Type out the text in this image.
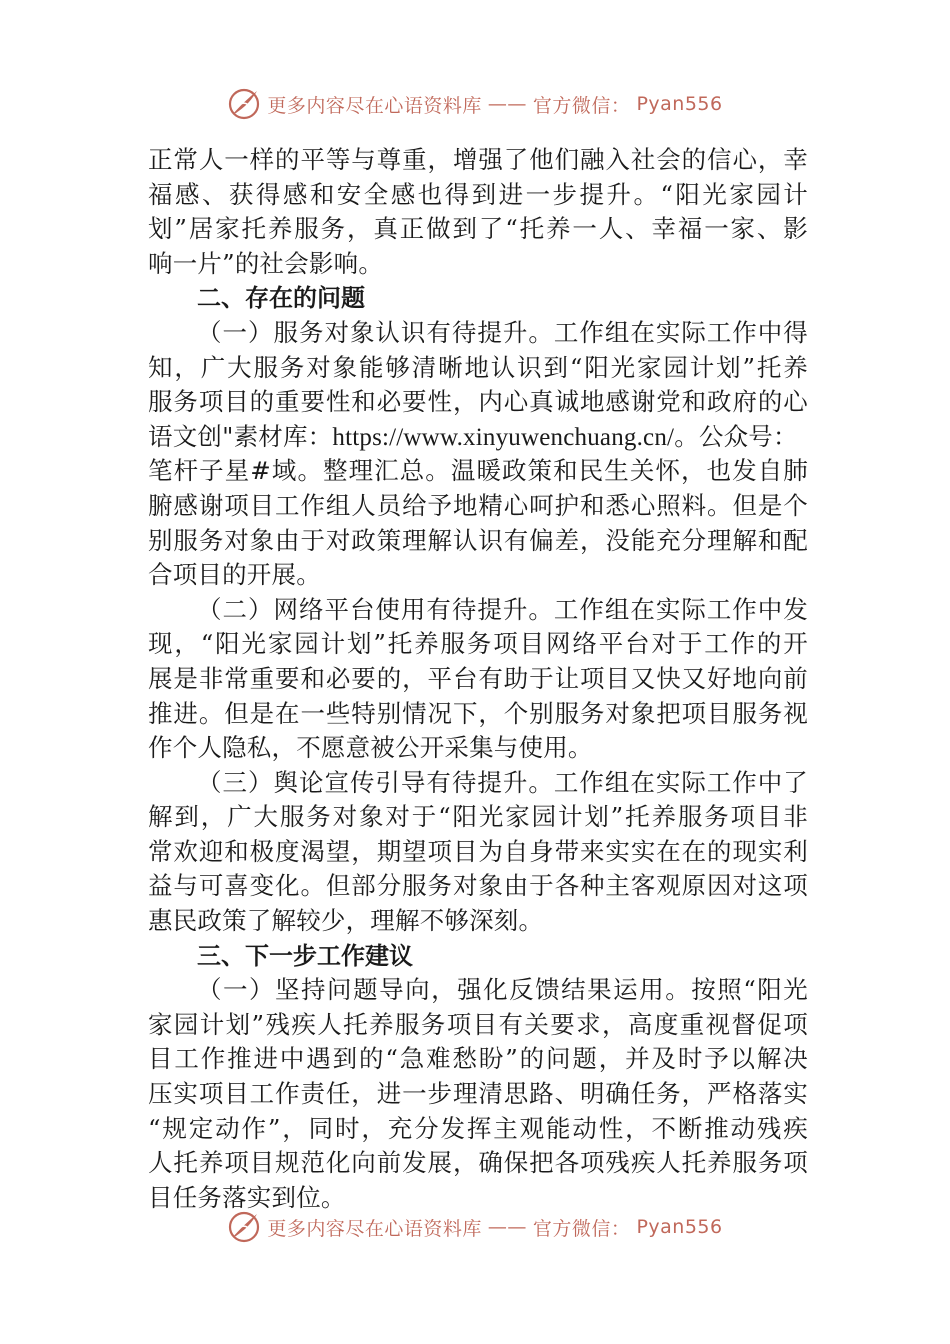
更多内容尽在心语资料库 —— 官方微信： Pyan556
正常人一样的平等与尊重，增强了他们融入社会的信心，幸
福感、获得感和安全感也得到进一步提升。“阳光家园计
划”居家托养服务，真正做到了“托养一人、幸福一家、影
响一片”的社会影响。
二、存在的问题
（一）服务对象认识有待提升。工作组在实际工作中得
知，广大服务对象能够清晰地认识到“阳光家园计划”托养
服务项目的重要性和必要性，内心真诚地感谢党和政府的心
语文创"素材库：https://www.xinyuwenchuang.cn/。公众号：
笔杆子星#域。整理汇总。温暖政策和民生关怀，也发自肺
腑感谢项目工作组人员给予地精心呵护和悉心照料。但是个
别服务对象由于对政策理解认识有偏差，没能充分理解和配
合项目的开展。
（二）网络平台使用有待提升。工作组在实际工作中发
现，“阳光家园计划”托养服务项目网络平台对于工作的开
展是非常重要和必要的，平台有助于让项目又快又好地向前
推进。但是在一些特别情况下，个别服务对象把项目服务视
作个人隐私，不愿意被公开采集与使用。
（三）舆论宣传引导有待提升。工作组在实际工作中了
解到，广大服务对象对于“阳光家园计划”托养服务项目非
常欢迎和极度渴望，期望项目为自身带来实实在在的现实利
益与可喜变化。但部分服务对象由于各种主客观原因对这项
惠民政策了解较少，理解不够深刻。
三、下一步工作建议
（一）坚持问题导向，强化反馈结果运用。按照“阳光
家园计划”残疾人托养服务项目有关要求，高度重视督促项
目工作推进中遇到的“急难愁盼”的问题，并及时予以解决
压实项目工作责任，进一步理清思路、明确任务，严格落实
“规定动作”，同时，充分发挥主观能动性，不断推动残疾
人托养项目规范化向前发展，确保把各项残疾人托养服务项
目任务落实到位。
更多内容尽在心语资料库 —— 官方微信： Pyan556
